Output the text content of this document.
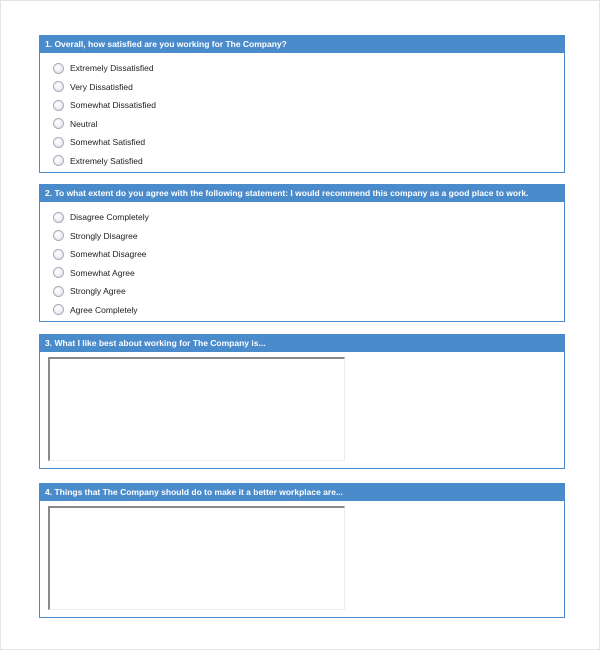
1. Overall, how satisfied are you working for The Company?
Extremely Dissatisfied
Very Dissatisfied
Somewhat Dissatisfied
Neutral
Somewhat Satisfied
Extremely Satisfied
2. To what extent do you agree with the following statement: I would recommend this company as a good place to work.
Disagree Completely
Strongly Disagree
Somewhat Disagree
Somewhat Agree
Strongly Agree
Agree Completely
3. What I like best about working for The Company is...
4. Things that The Company should do to make it a better workplace are...
